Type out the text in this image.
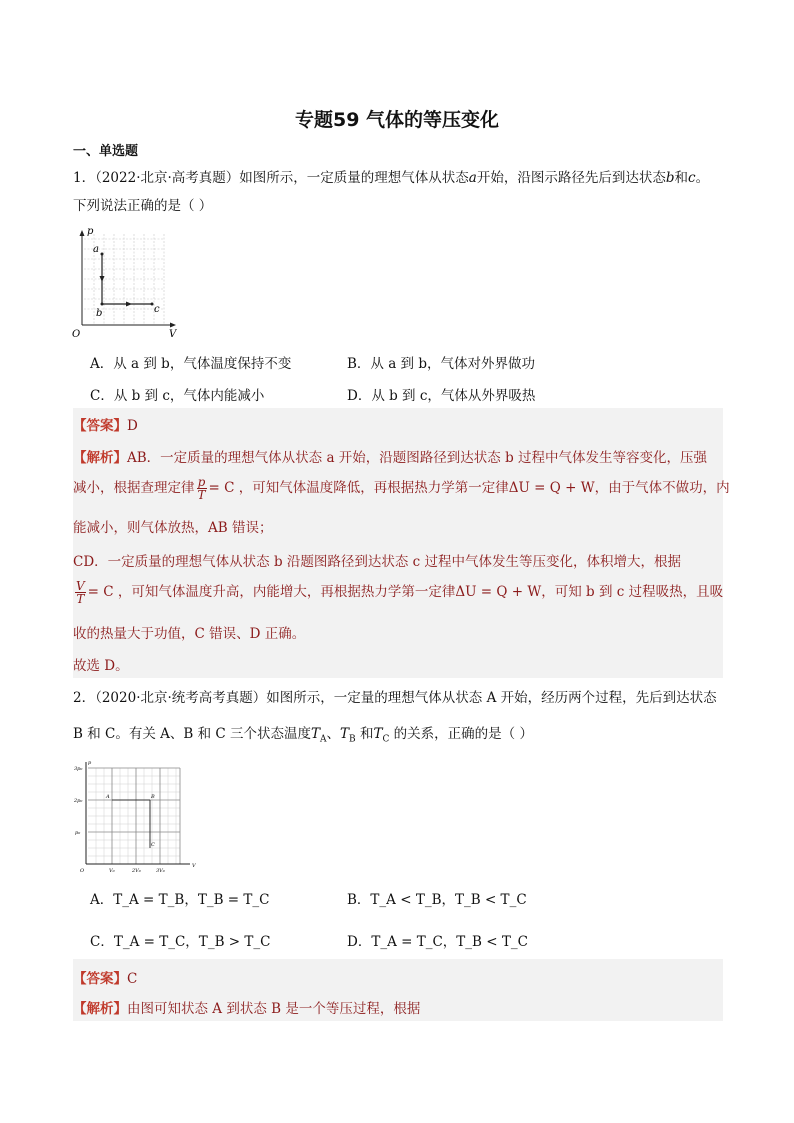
专题59 气体的等压变化
一、单选题
1．（2022·北京·高考真题）如图所示，一定质量的理想气体从状态a开始，沿图示路径先后到达状态b和c。
下列说法正确的是（ ）
a
b	c
p
V
O
A．从 a 到 b，气体温度保持不变	B．从 a 到 b，气体对外界做功
C．从 b 到 c，气体内能减小	D．从 b 到 c，气体从外界吸热
【答案】D
【解析】AB．一定质量的理想气体从状态 a 开始，沿题图路径到达状态 b 过程中气体发生等容变化，压强
减小，根据查理定律 $\frac{p}{T} = C$ ，可知气体温度降低，再根据热力学第一定律ΔU = Q + W，由于气体不做功，内
能减小，则气体放热，AB 错误；
CD．一定质量的理想气体从状态 b 沿题图路径到达状态 c 过程中气体发生等压变化，体积增大，根据
$\frac{V}{T} = C$ ，可知气体温度升高，内能增大，再根据热力学第一定律ΔU = Q + W，可知 b 到 c 过程吸热，且吸
收的热量大于功值，C 错误、D 正确。
故选 D。
2．（2020·北京·统考高考真题）如图所示，一定量的理想气体从状态 A 开始，经历两个过程，先后到达状态
B 和 C。有关 A、B 和 C 三个状态温度$T_A$、$T_B$ 和$T_C$ 的关系，正确的是（ ）
A	B
C
3p₀
2p₀
p₀
V₀	2V₀	3V₀
O
V
p
A．T_A = T_B，T_B = T_C	B．T_A < T_B，T_B < T_C
C．T_A = T_C，T_B > T_C	D．T_A = T_C，T_B < T_C
【答案】C
【解析】由图可知状态 A 到状态 B 是一个等压过程，根据
